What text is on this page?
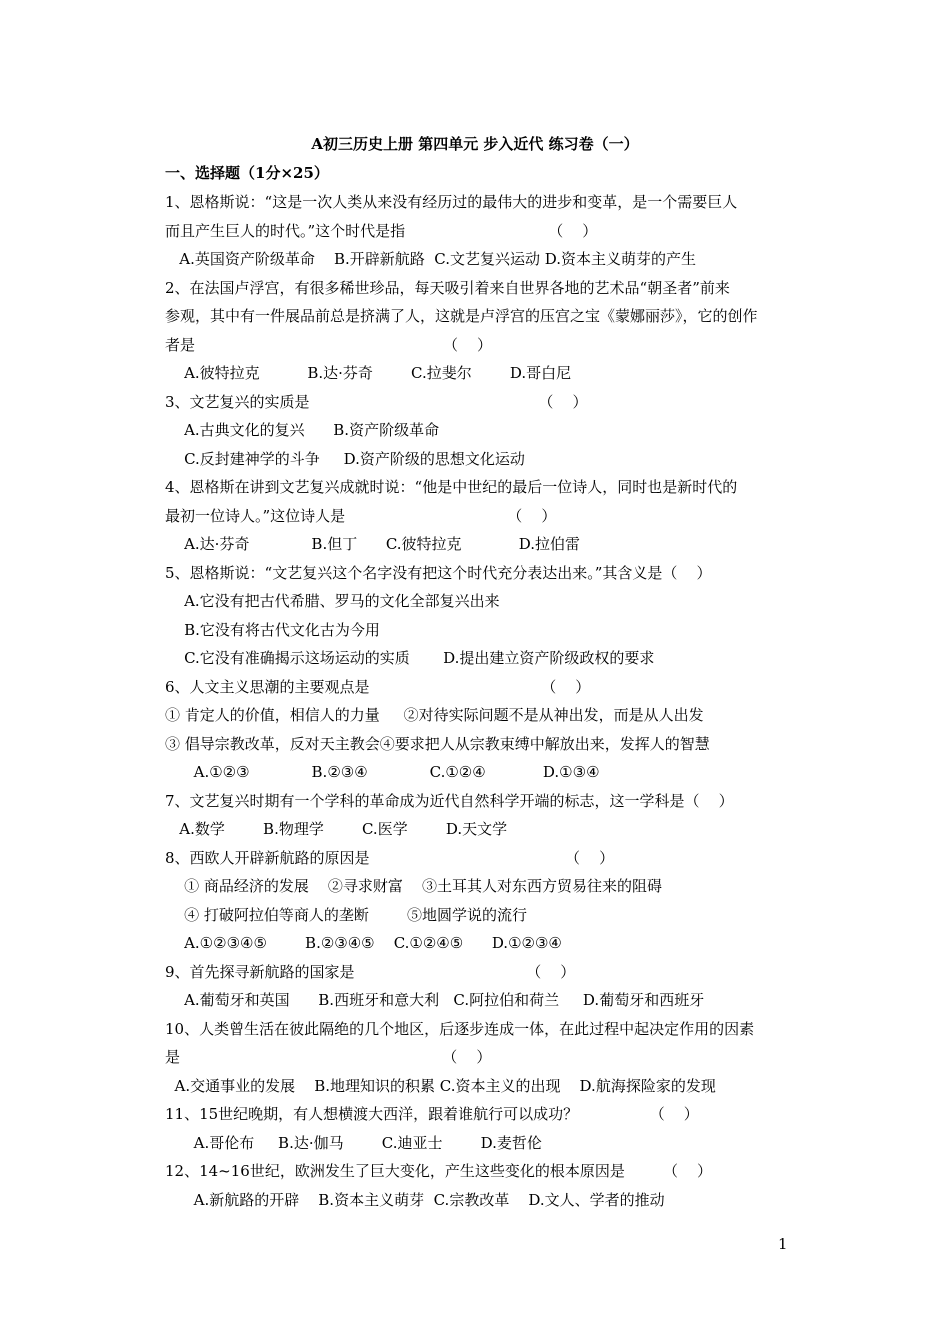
A初三历史上册 第四单元 步入近代 练习卷（一）
一、选择题（1分×25）
1、恩格斯说：“这是一次人类从来没有经历过的最伟大的进步和变革，是一个需要巨人
而且产生巨人的时代。”这个时代是指                              （    ）
A.英国资产阶级革命    B.开辟新航路  C.文艺复兴运动 D.资本主义萌芽的产生
2、在法国卢浮宫，有很多稀世珍品，每天吸引着来自世界各地的艺术品“朝圣者”前来
参观，其中有一件展品前总是挤满了人，这就是卢浮宫的压宫之宝《蒙娜丽莎》，它的创作
者是                                                    （    ）
A.彼特拉克          B.达·芬奇        C.拉斐尔        D.哥白尼
3、文艺复兴的实质是                                                （    ）
A.古典文化的复兴      B.资产阶级革命
C.反封建神学的斗争     D.资产阶级的思想文化运动
4、恩格斯在讲到文艺复兴成就时说：“他是中世纪的最后一位诗人，同时也是新时代的
最初一位诗人。”这位诗人是                                  （    ）
A.达·芬奇             B.但丁      C.彼特拉克            D.拉伯雷
5、恩格斯说：“文艺复兴这个名字没有把这个时代充分表达出来。”其含义是（    ）
A.它没有把古代希腊、罗马的文化全部复兴出来
B.它没有将古代文化古为今用
C.它没有准确揭示这场运动的实质       D.提出建立资产阶级政权的要求
6、人文主义思潮的主要观点是                                    （    ）
① 肯定人的价值，相信人的力量     ②对待实际问题不是从神出发，而是从人出发
③ 倡导宗教改革，反对天主教会④要求把人从宗教束缚中解放出来，发挥人的智慧
A.①②③             B.②③④             C.①②④            D.①③④
7、文艺复兴时期有一个学科的革命成为近代自然科学开端的标志，这一学科是（    ）
A.数学        B.物理学        C.医学        D.天文学
8、西欧人开辟新航路的原因是                                         （    ）
① 商品经济的发展    ②寻求财富    ③土耳其人对东西方贸易往来的阻碍
④ 打破阿拉伯等商人的垄断        ⑤地圆学说的流行
A.①②③④⑤        B.②③④⑤    C.①②④⑤      D.①②③④
9、首先探寻新航路的国家是                                    （    ）
A.葡萄牙和英国      B.西班牙和意大利   C.阿拉伯和荷兰     D.葡萄牙和西班牙
10、人类曾生活在彼此隔绝的几个地区，后逐步连成一体，在此过程中起决定作用的因素
是                                                       （    ）
A.交通事业的发展    B.地理知识的积累 C.资本主义的出现    D.航海探险家的发现
11、15世纪晚期，有人想横渡大西洋，跟着谁航行可以成功？               （    ）
A.哥伦布     B.达·伽马        C.迪亚士        D.麦哲伦
12、14~16世纪，欧洲发生了巨大变化，产生这些变化的根本原因是        （    ）
A.新航路的开辟    B.资本主义萌芽  C.宗教改革    D.文人、学者的推动
1
